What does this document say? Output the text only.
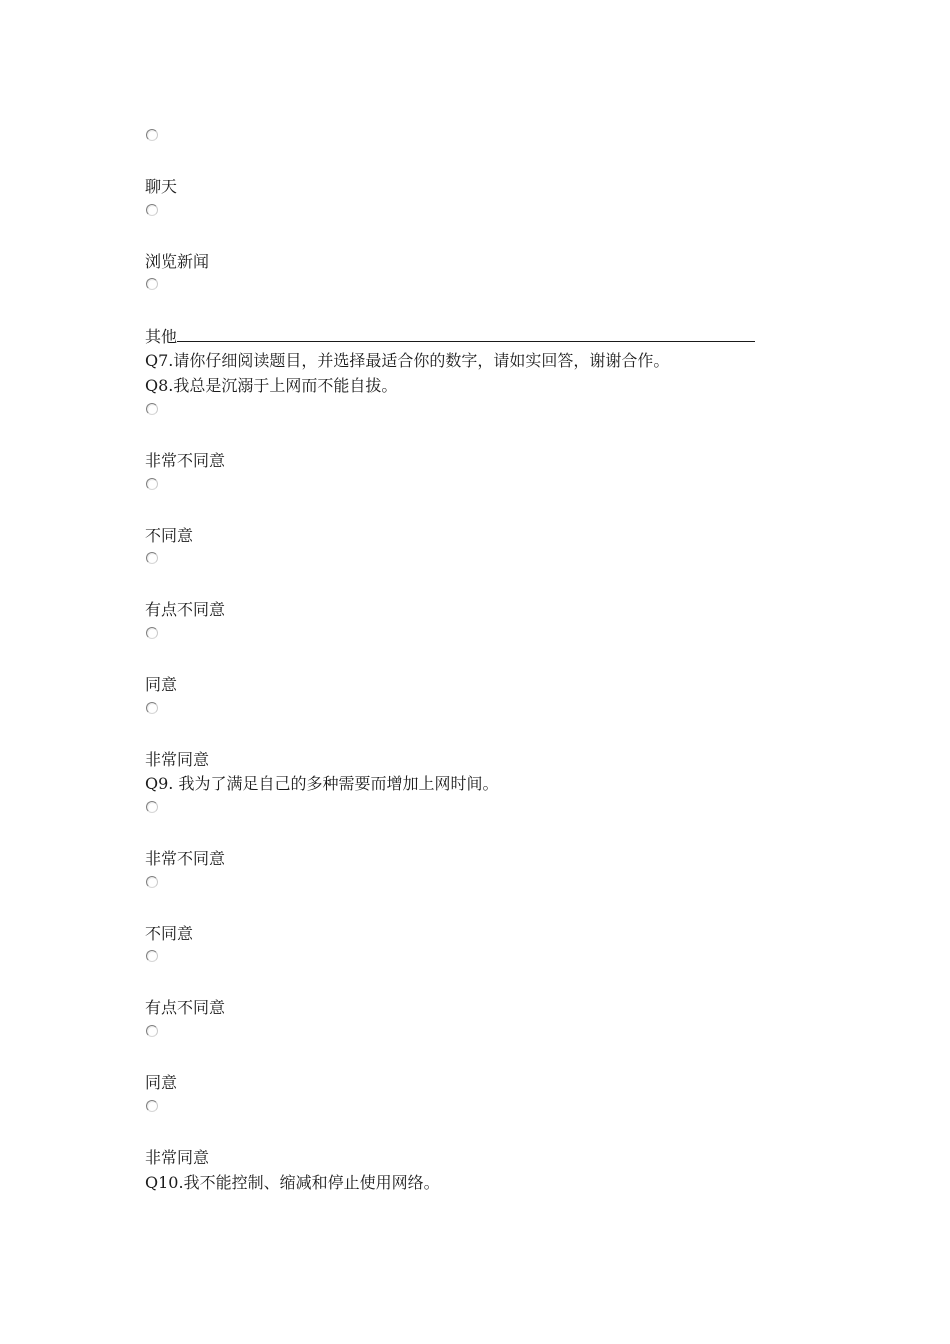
聊天
浏览新闻
其他
Q7.请你仔细阅读题目，并选择最适合你的数字，请如实回答，谢谢合作。
Q8.我总是沉溺于上网而不能自拔。
非常不同意
不同意
有点不同意
同意
非常同意
Q9. 我为了满足自己的多种需要而增加上网时间。
非常不同意
不同意
有点不同意
同意
非常同意
Q10.我不能控制、缩减和停止使用网络。
